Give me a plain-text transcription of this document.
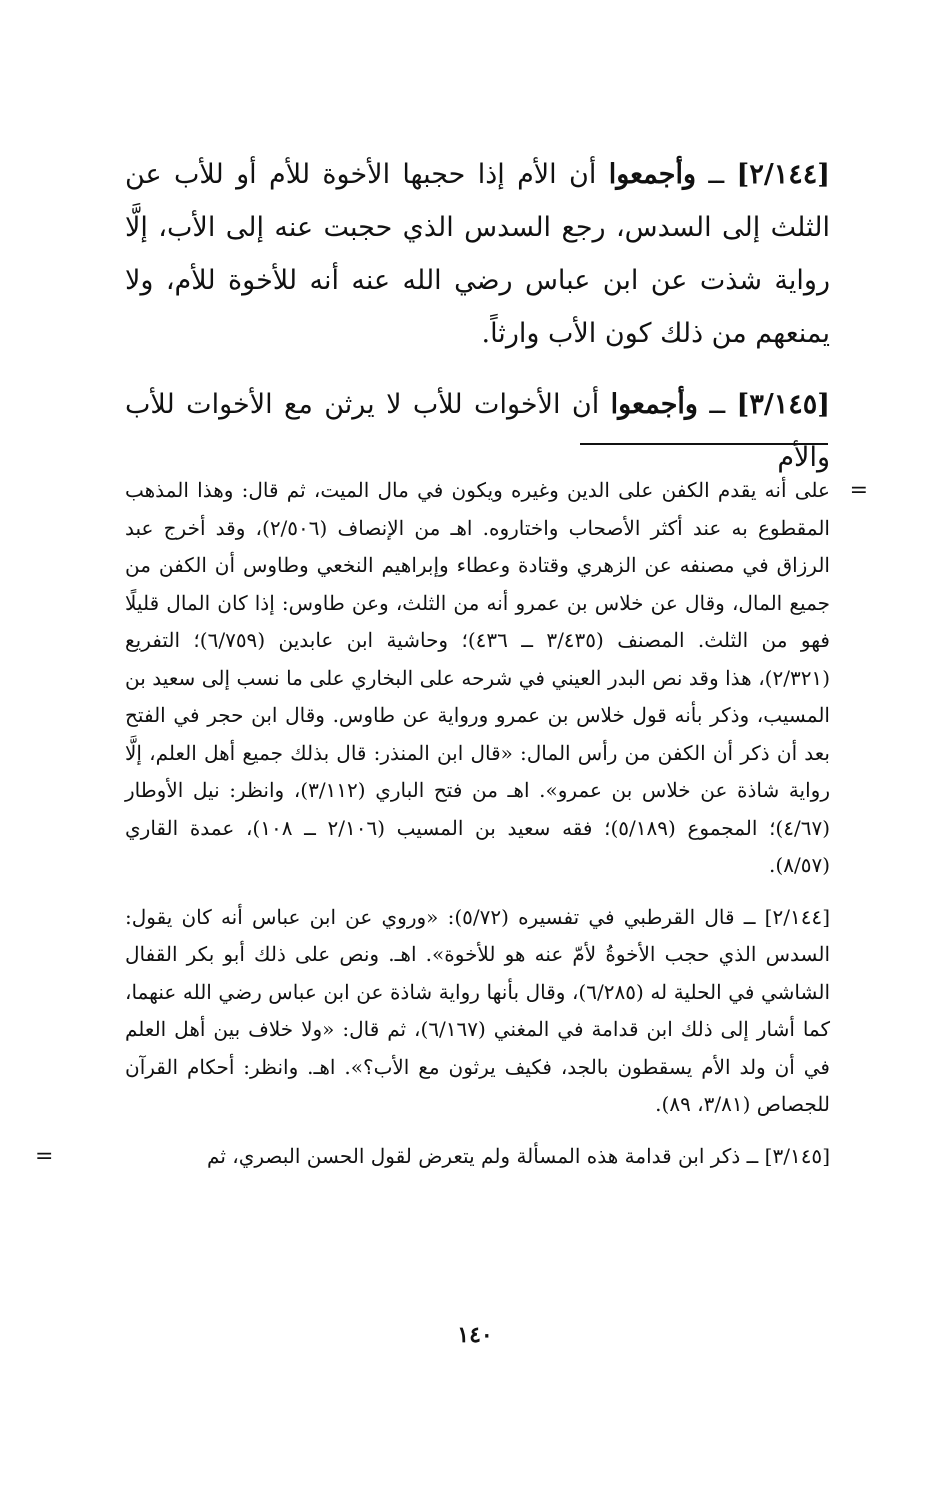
[٢/١٤٤] ــ وأجمعوا أن الأم إذا حجبها الأخوة للأم أو للأب عن الثلث إلى السدس، رجع السدس الذي حجبت عنه إلى الأب، إلَّا رواية شذت عن ابن عباس رضي الله عنه أنه للأخوة للأم، ولا يمنعهم من ذلك كون الأب وارثاً.

[٣/١٤٥] ــ وأجمعوا أن الأخوات للأب لا يرثن مع الأخوات للأب والأم

=
على أنه يقدم الكفن على الدين وغيره ويكون في مال الميت، ثم قال: وهذا المذهب المقطوع به عند أكثر الأصحاب واختاروه. اهـ من الإنصاف (٢/٥٠٦)، وقد أخرج عبد الرزاق في مصنفه عن الزهري وقتادة وعطاء وإبراهيم النخعي وطاوس أن الكفن من جميع المال، وقال عن خلاس بن عمرو أنه من الثلث، وعن طاوس: إذا كان المال قليلًا فهو من الثلث. المصنف (٣/٤٣٥ ــ ٤٣٦)؛ وحاشية ابن عابدين (٦/٧٥٩)؛ التفريع (٢/٣٢١)، هذا وقد نص البدر العيني في شرحه على البخاري على ما نسب إلى سعيد بن المسيب، وذكر بأنه قول خلاس بن عمرو ورواية عن طاوس. وقال ابن حجر في الفتح بعد أن ذكر أن الكفن من رأس المال: «قال ابن المنذر: قال بذلك جميع أهل العلم، إلَّا رواية شاذة عن خلاس بن عمرو». اهـ من فتح الباري (٣/١١٢)، وانظر: نيل الأوطار (٤/٦٧)؛ المجموع (٥/١٨٩)؛ فقه سعيد بن المسيب (٢/١٠٦ ــ ١٠٨)، عمدة القاري (٨/٥٧).

[٢/١٤٤] ــ قال القرطبي في تفسيره (٥/٧٢): «وروي عن ابن عباس أنه كان يقول: السدس الذي حجب الأخوةُ لأمّ عنه هو للأخوة». اهـ. ونص على ذلك أبو بكر القفال الشاشي في الحلية له (٦/٢٨٥)، وقال بأنها رواية شاذة عن ابن عباس رضي الله عنهما، كما أشار إلى ذلك ابن قدامة في المغني (٦/١٦٧)، ثم قال: «ولا خلاف بين أهل العلم في أن ولد الأم يسقطون بالجد، فكيف يرثون مع الأب؟». اهـ. وانظر: أحكام القرآن للجصاص (٣/٨١، ٨٩).

[٣/١٤٥] ــ ذكر ابن قدامة هذه المسألة ولم يتعرض لقول الحسن البصري، ثم
=

١٤٠
